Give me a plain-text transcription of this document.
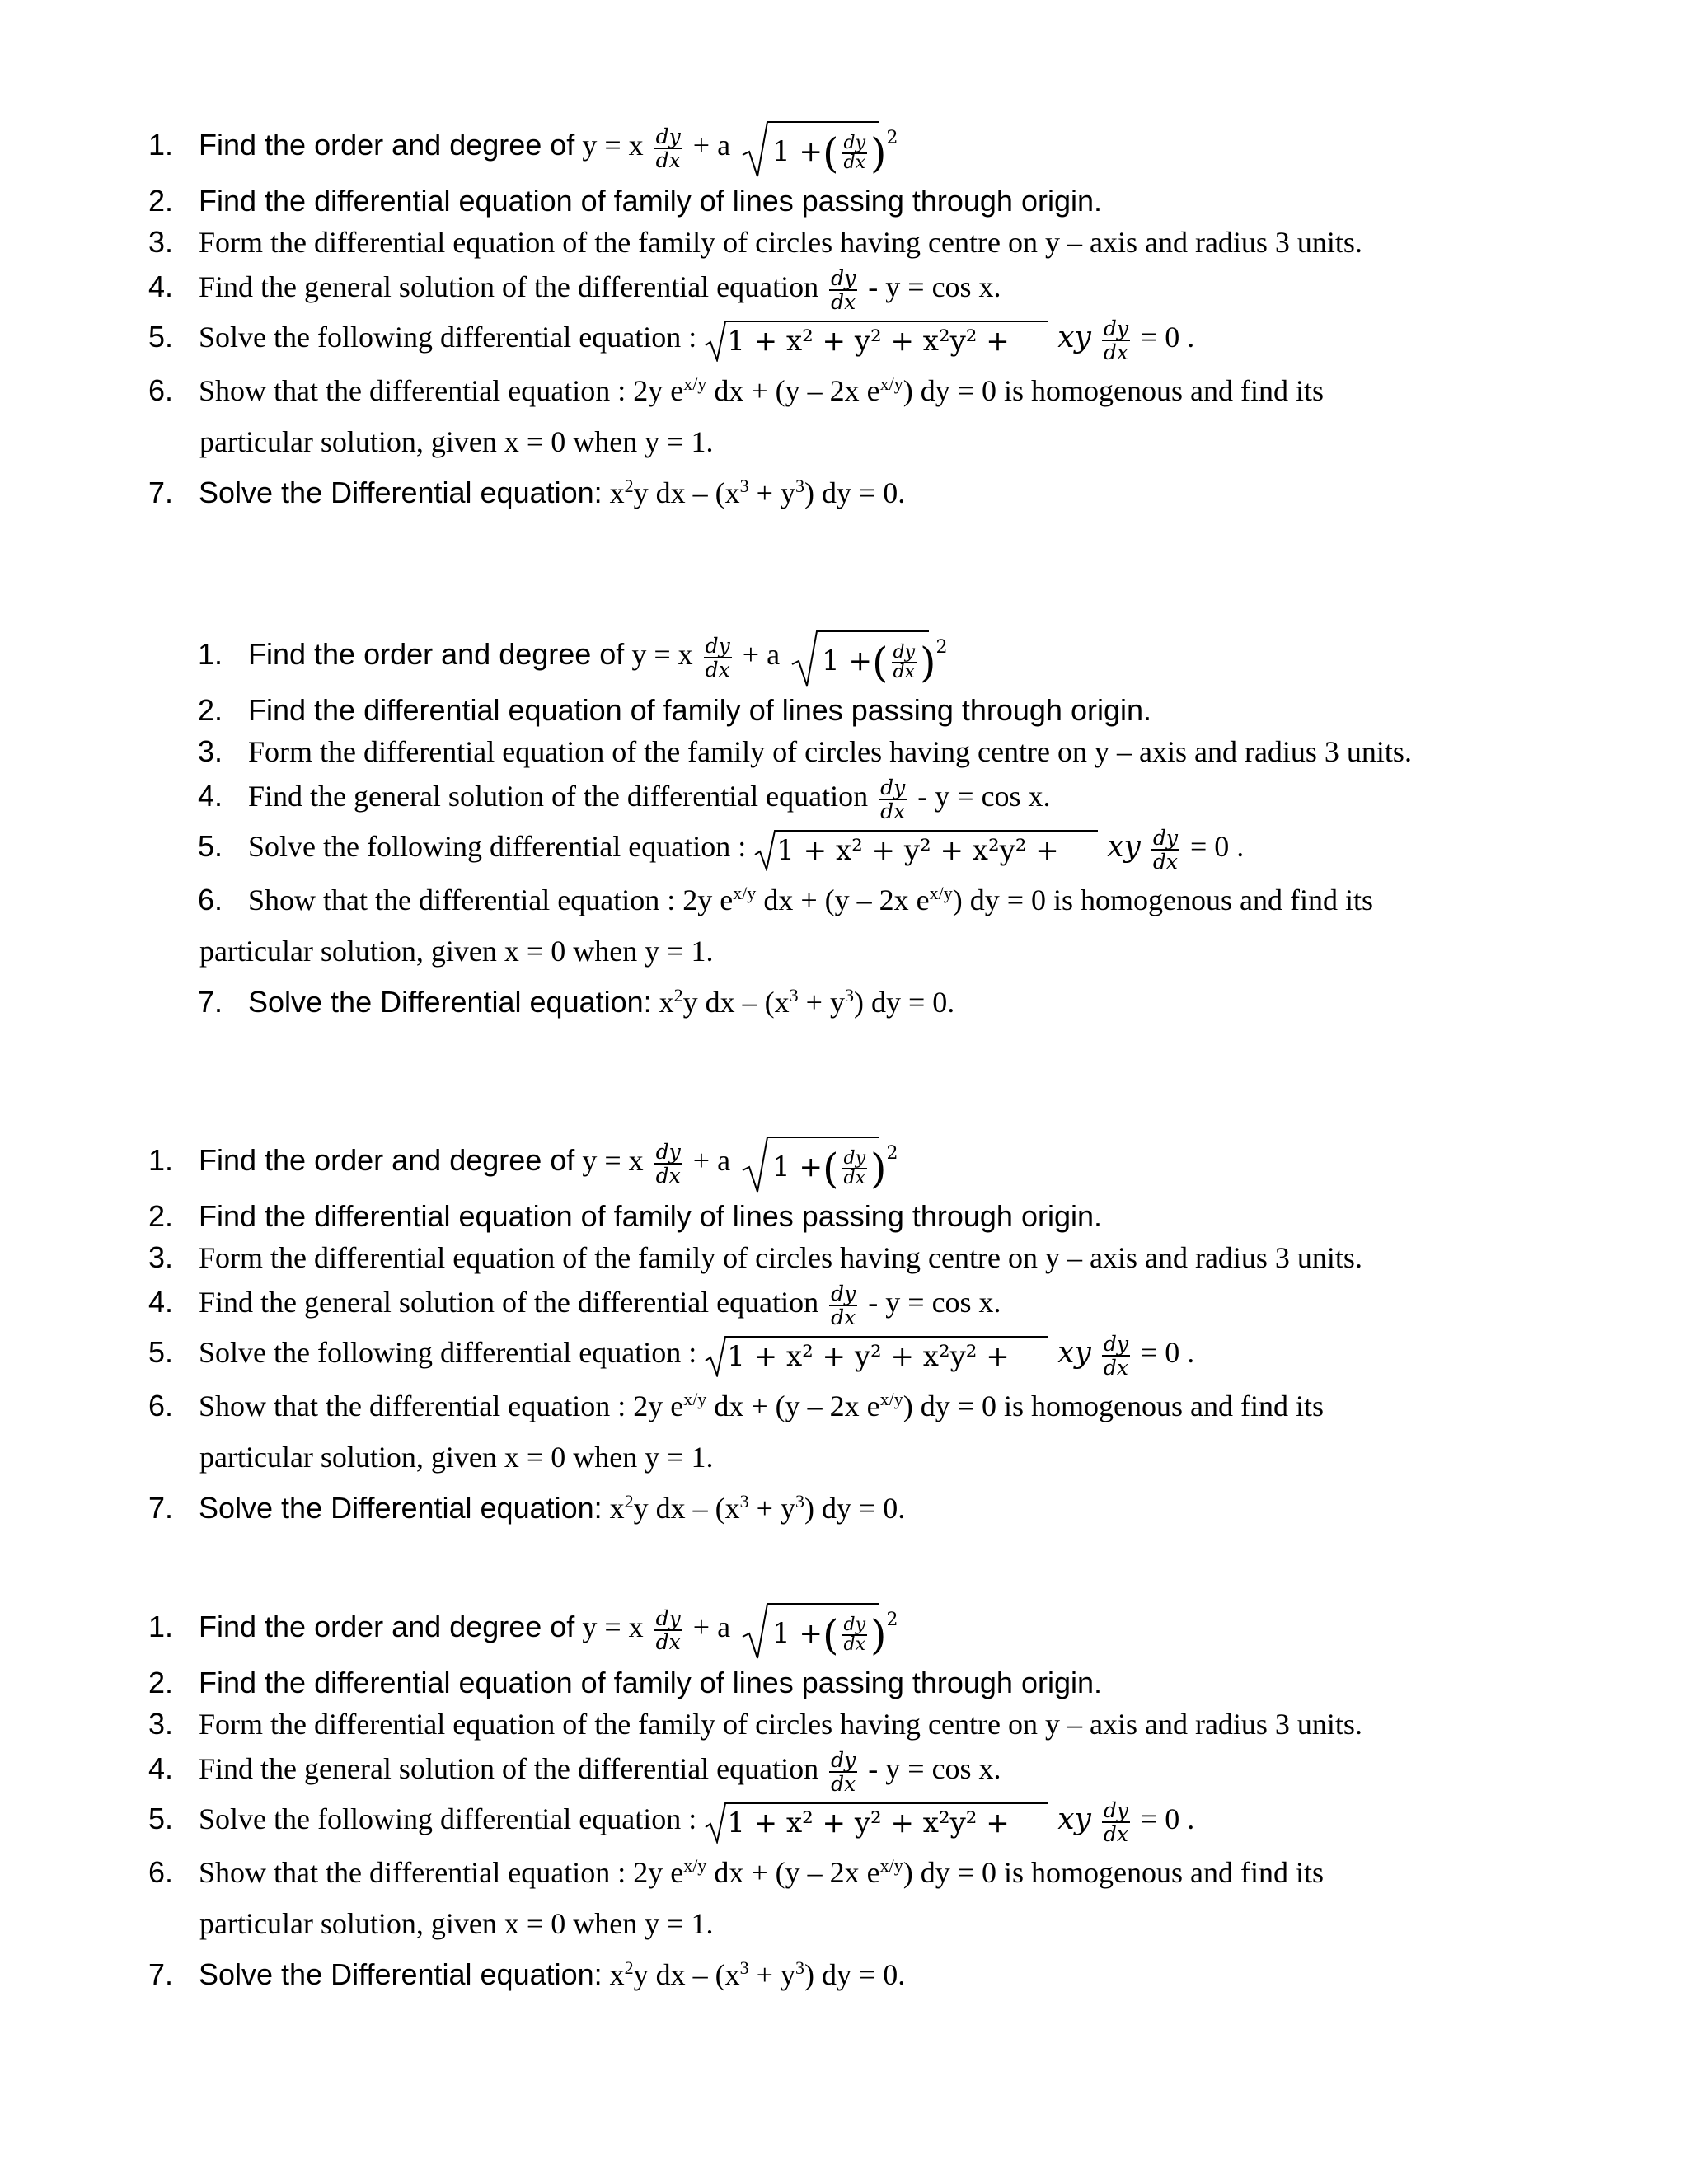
1. Find the order and degree of y = x $\frac{dy}{dx} + a$ 1 +( $\frac{dy}{dx} )^2$
2. Find the differential equation of family of lines passing through origin.
3. Form the differential equation of the family of circles having centre on y – axis and radius 3 units.
4. Find the general solution of the differential equation $\frac{dy}{dx} - y = \cos x$.
5. Solve the following differential equation : 1 + x² + y² + x²y² + xy $\frac{dy}{dx} = 0$ .
6. Show that the differential equation : 2y $e^{x/y}$ dx + (y – 2x $e^{x/y}$) dy = 0 is homogenous and find its
particular solution, given x = 0 when y = 1.
7. Solve the Differential equation: $x^2y$ dx – $(x^3 + y^3)$ dy = 0.
1. Find the order and degree of y = x $\frac{dy}{dx} + a$ 1 +( $\frac{dy}{dx} )^2$
2. Find the differential equation of family of lines passing through origin.
3. Form the differential equation of the family of circles having centre on y – axis and radius 3 units.
4. Find the general solution of the differential equation $\frac{dy}{dx} - y = \cos x$.
5. Solve the following differential equation : 1 + x² + y² + x²y² + xy $\frac{dy}{dx} = 0$ .
6. Show that the differential equation : 2y $e^{x/y}$ dx + (y – 2x $e^{x/y}$) dy = 0 is homogenous and find its
particular solution, given x = 0 when y = 1.
7. Solve the Differential equation: $x^2y$ dx – $(x^3 + y^3)$ dy = 0.
1. Find the order and degree of y = x $\frac{dy}{dx} + a$ 1 +( $\frac{dy}{dx} )^2$
2. Find the differential equation of family of lines passing through origin.
3. Form the differential equation of the family of circles having centre on y – axis and radius 3 units.
4. Find the general solution of the differential equation $\frac{dy}{dx} - y = \cos x$.
5. Solve the following differential equation : 1 + x² + y² + x²y² + xy $\frac{dy}{dx} = 0$ .
6. Show that the differential equation : 2y $e^{x/y}$ dx + (y – 2x $e^{x/y}$) dy = 0 is homogenous and find its
particular solution, given x = 0 when y = 1.
7. Solve the Differential equation: $x^2y$ dx – $(x^3 + y^3)$ dy = 0.
1. Find the order and degree of y = x $\frac{dy}{dx} + a$ 1 +( $\frac{dy}{dx} )^2$
2. Find the differential equation of family of lines passing through origin.
3. Form the differential equation of the family of circles having centre on y – axis and radius 3 units.
4. Find the general solution of the differential equation $\frac{dy}{dx} - y = \cos x$.
5. Solve the following differential equation : 1 + x² + y² + x²y² + xy $\frac{dy}{dx} = 0$ .
6. Show that the differential equation : 2y $e^{x/y}$ dx + (y – 2x $e^{x/y}$) dy = 0 is homogenous and find its
particular solution, given x = 0 when y = 1.
7. Solve the Differential equation: $x^2y$ dx – $(x^3 + y^3)$ dy = 0.
